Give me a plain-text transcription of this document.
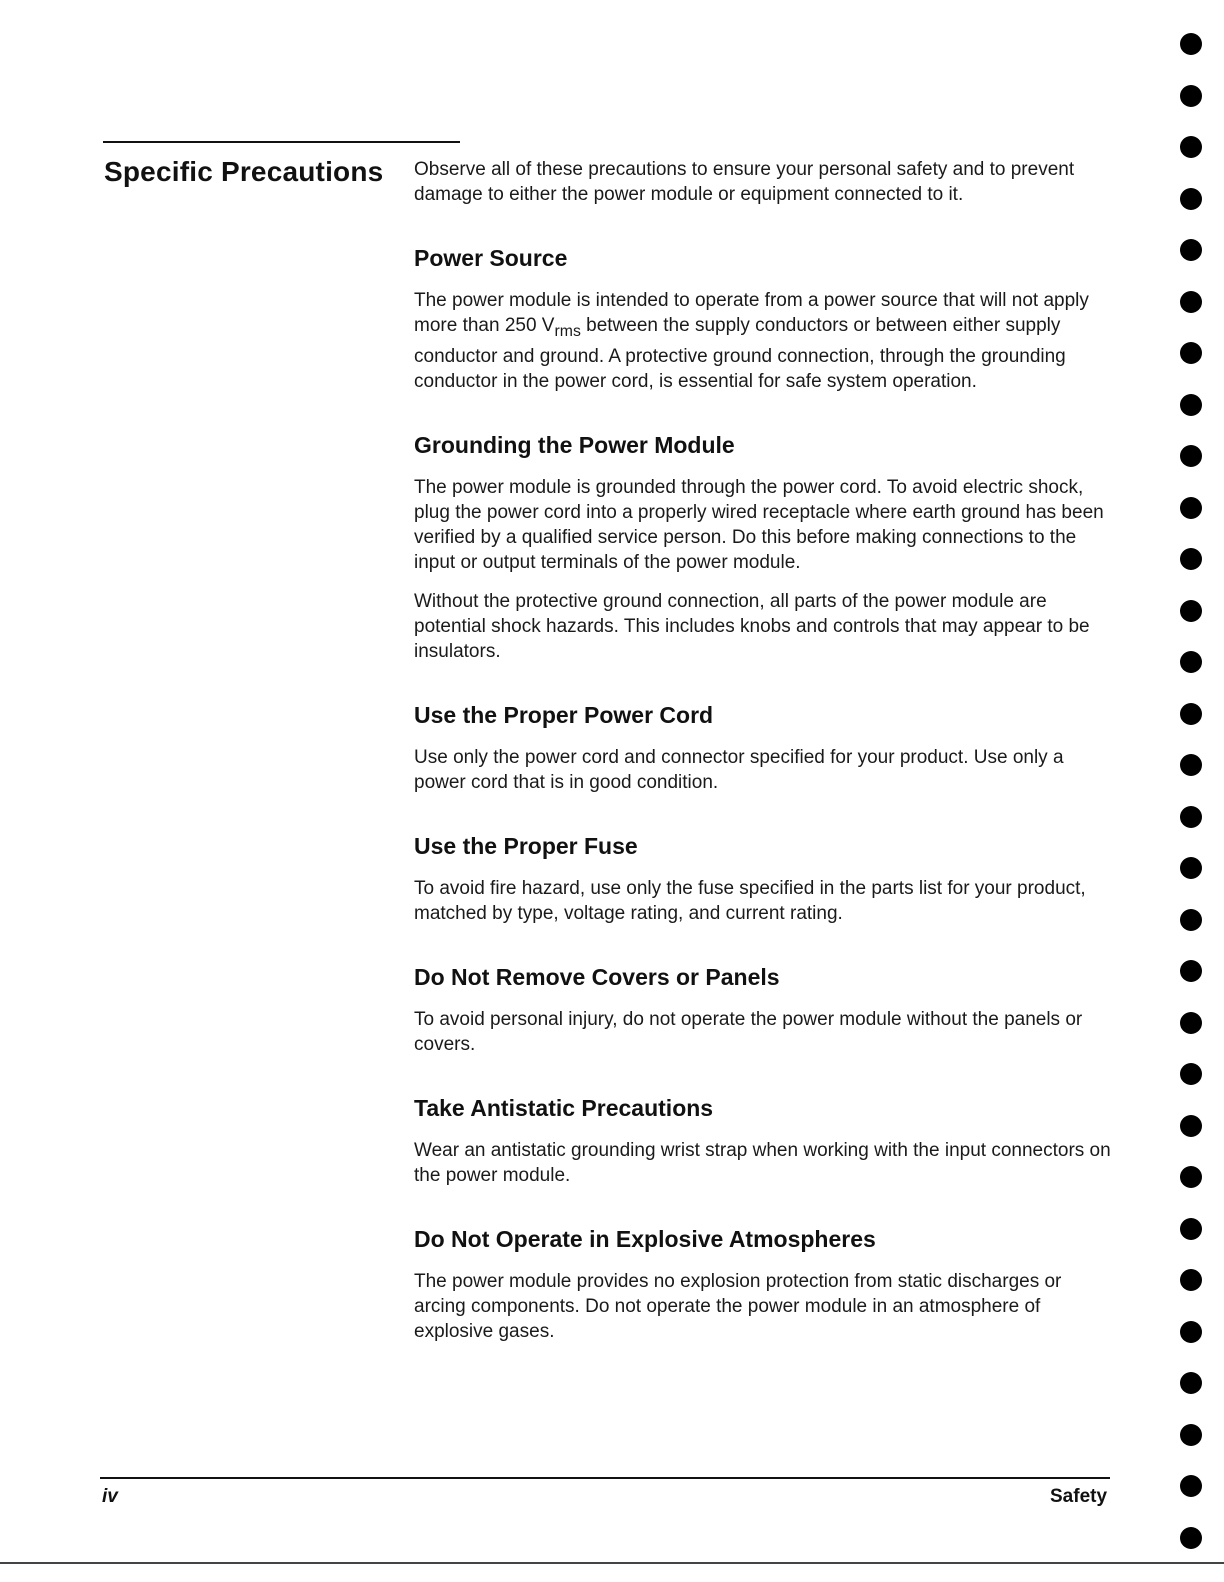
Specific Precautions Observe all of these precautions to ensure your personal safety and to prevent damage to either the power module or equipment connected to it.

Power Source

The power module is intended to operate from a power source that will not apply more than 250 $V_{rms}$ between the supply conductors or between either supply conductor and ground. A protective ground connection, through the grounding conductor in the power cord, is essential for safe system operation.

Grounding the Power Module

The power module is grounded through the power cord. To avoid electric shock, plug the power cord into a properly wired receptacle where earth ground has been verified by a qualified service person. Do this before making connections to the input or output terminals of the power module.

Without the protective ground connection, all parts of the power module are potential shock hazards. This includes knobs and controls that may appear to be insulators.

Use the Proper Power Cord

Use only the power cord and connector specified for your product. Use only a power cord that is in good condition.

Use the Proper Fuse

To avoid fire hazard, use only the fuse specified in the parts list for your product, matched by type, voltage rating, and current rating.

Do Not Remove Covers or Panels

To avoid personal injury, do not operate the power module without the panels or covers.

Take Antistatic Precautions

Wear an antistatic grounding wrist strap when working with the input connectors on the power module.

Do Not Operate in Explosive Atmospheres

The power module provides no explosion protection from static discharges or arcing components. Do not operate the power module in an atmosphere of explosive gases.

iv	Safety
